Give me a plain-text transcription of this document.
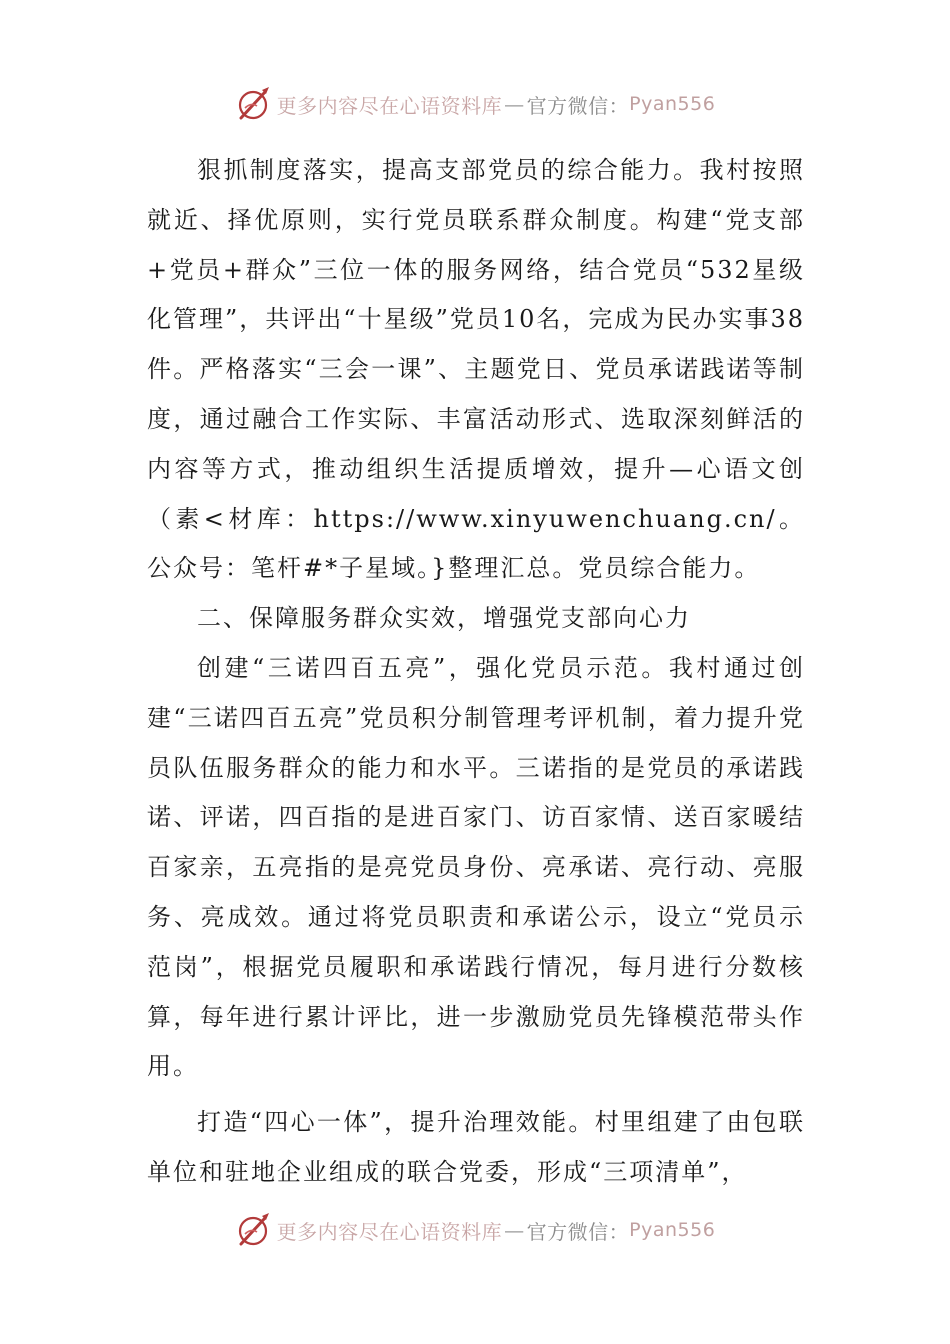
更多内容尽在心语资料库 — 官方微信： Pyan556

狠抓制度落实，提高支部党员的综合能力。我村按照就近、择优原则，实行党员联系群众制度。构建“党支部+党员+群众”三位一体的服务网络，结合党员“532星级化管理”，共评出“十星级”党员10名，完成为民办实事38件。严格落实“三会一课”、主题党日、党员承诺践诺等制度，通过融合工作实际、丰富活动形式、选取深刻鲜活的内容等方式，推动组织生活提质增效，提升—心语文创（素<材库：https://www.xinyuwenchuang.cn/。公众号：笔杆#*子星域。}整理汇总。党员综合能力。

二、保障服务群众实效，增强党支部向心力

创建“三诺四百五亮”，强化党员示范。我村通过创建“三诺四百五亮”党员积分制管理考评机制，着力提升党员队伍服务群众的能力和水平。三诺指的是党员的承诺践诺、评诺，四百指的是进百家门、访百家情、送百家暖结百家亲，五亮指的是亮党员身份、亮承诺、亮行动、亮服务、亮成效。通过将党员职责和承诺公示，设立“党员示范岗”，根据党员履职和承诺践行情况，每月进行分数核算，每年进行累计评比，进一步激励党员先锋模范带头作用。

打造“四心一体”，提升治理效能。村里组建了由包联单位和驻地企业组成的联合党委，形成“三项清单”，

更多内容尽在心语资料库 — 官方微信： Pyan556
